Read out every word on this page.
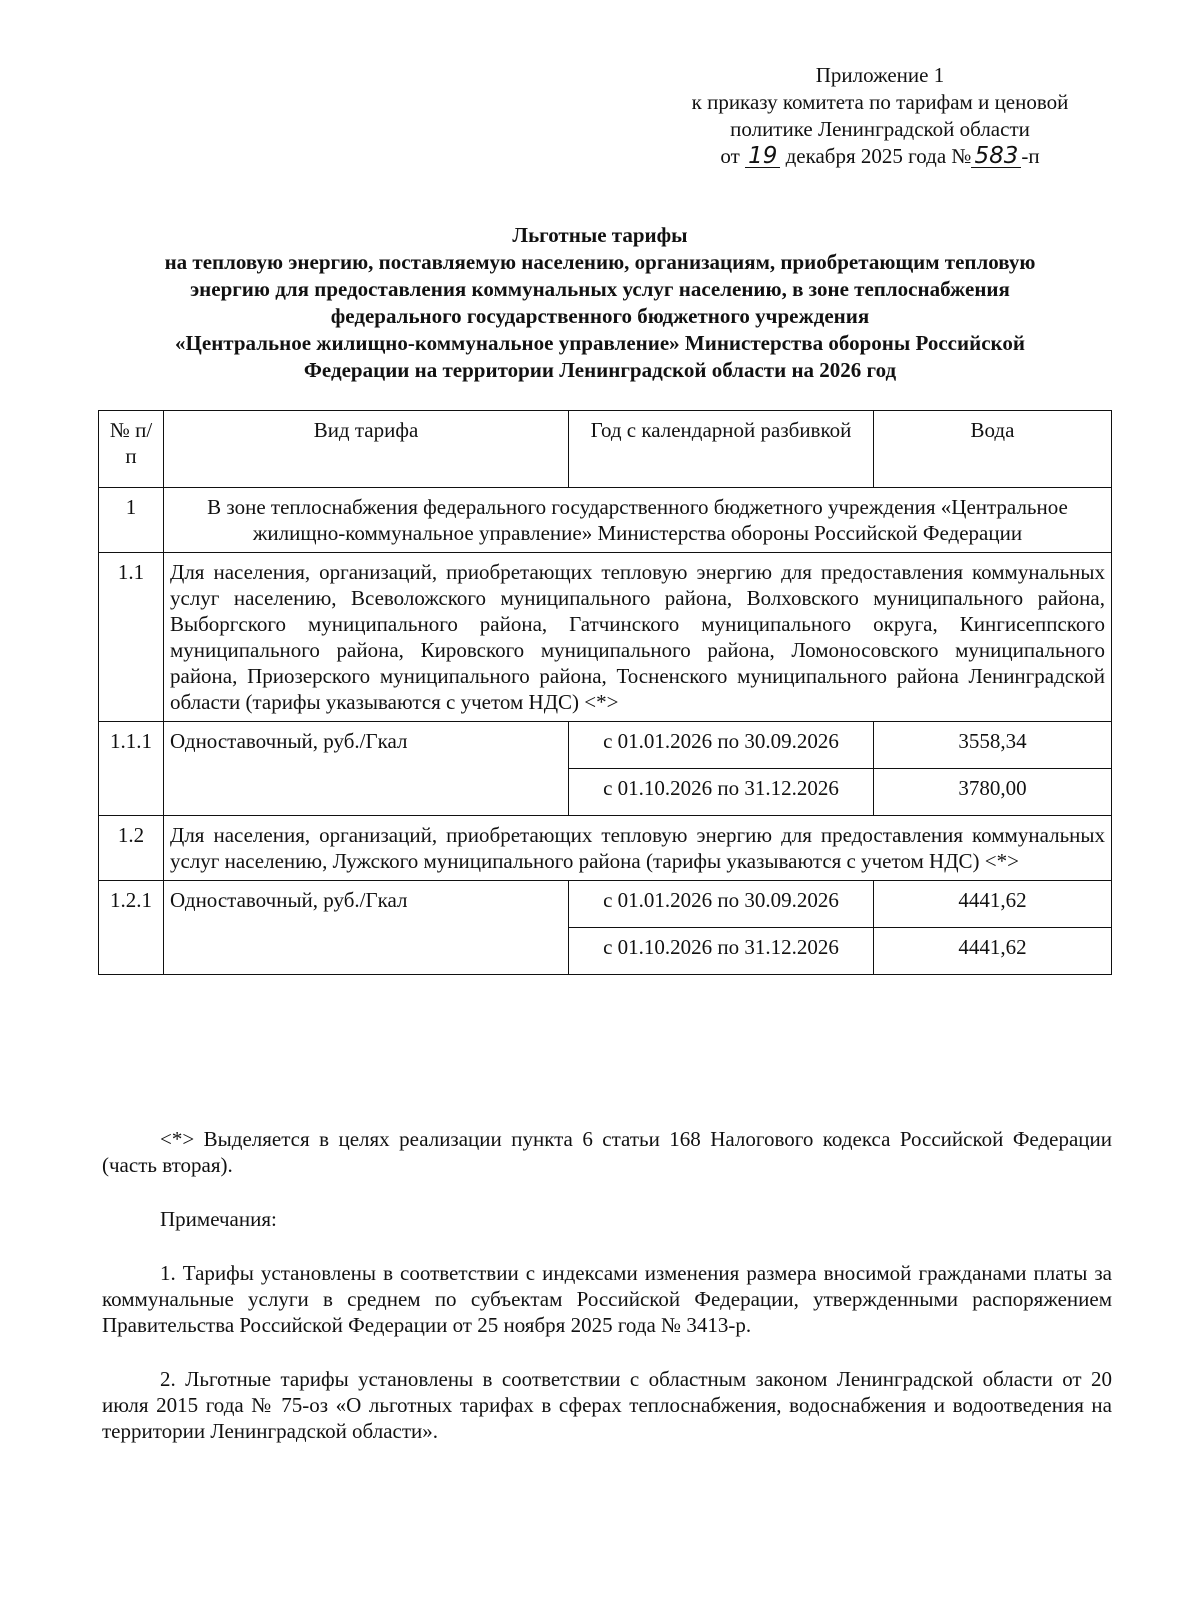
Приложение 1
к приказу комитета по тарифам и ценовой
политике Ленинградской области
от 19 декабря 2025 года № 583 -п
Льготные тарифы
на тепловую энергию, поставляемую населению, организациям, приобретающим тепловую
энергию для предоставления коммунальных услуг населению, в зоне теплоснабжения
федерального государственного бюджетного учреждения
«Центральное жилищно-коммунальное управление» Министерства обороны Российской
Федерации на территории Ленинградской области на 2026 год
№ п/п	Вид тарифа	Год с календарной разбивкой	Вода
1	В зоне теплоснабжения федерального государственного бюджетного учреждения «Центральное жилищно-коммунальное управление» Министерства обороны Российской Федерации		
1.1	Для населения, организаций, приобретающих тепловую энергию для предоставления коммунальных услуг населению, Всеволожского муниципального района, Волховского муниципального района, Выборгского муниципального района, Гатчинского муниципального округа, Кингисеппского муниципального района, Кировского муниципального района, Ломоносовского муниципального района, Приозерского муниципального района, Тосненского муниципального района Ленинградской области (тарифы указываются с учетом НДС) <*>		
1.1.1	Одноставочный, руб./Гкал	с 01.01.2026 по 30.09.2026	3558,34
		с 01.10.2026 по 31.12.2026	3780,00
1.2	Для населения, организаций, приобретающих тепловую энергию для предоставления коммунальных услуг населению, Лужского муниципального района (тарифы указываются с учетом НДС) <*>		
1.2.1	Одноставочный, руб./Гкал	с 01.01.2026 по 30.09.2026	4441,62
		с 01.10.2026 по 31.12.2026	4441,62

<*> Выделяется в целях реализации пункта 6 статьи 168 Налогового кодекса Российской Федерации (часть вторая).

Примечания:

1. Тарифы установлены в соответствии с индексами изменения размера вносимой гражданами платы за коммунальные услуги в среднем по субъектам Российской Федерации, утвержденными распоряжением Правительства Российской Федерации от 25 ноября 2025 года № 3413-р.

2. Льготные тарифы установлены в соответствии с областным законом Ленинградской области от 20 июля 2015 года № 75-оз «О льготных тарифах в сферах теплоснабжения, водоснабжения и водоотведения на территории Ленинградской области».
